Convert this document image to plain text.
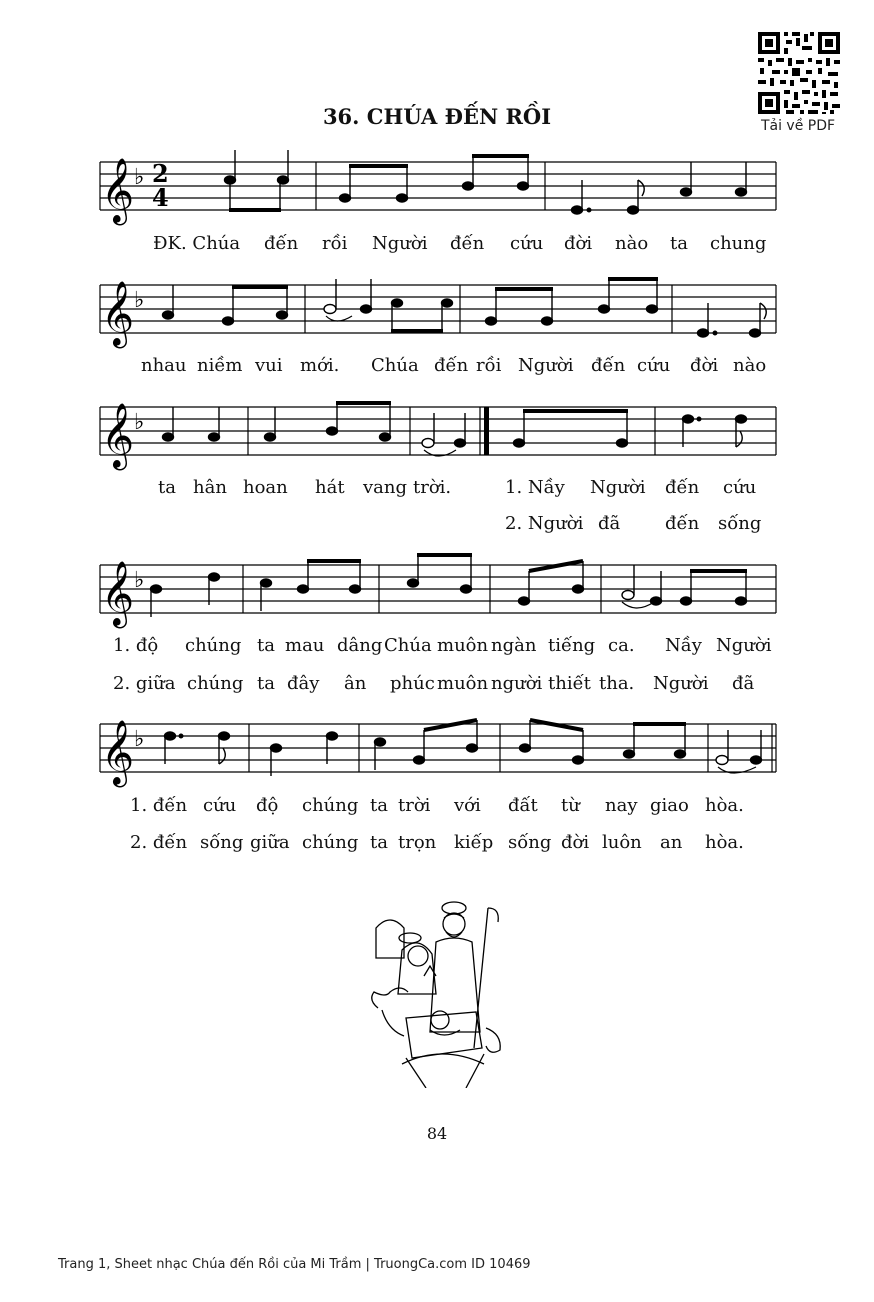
Tải về PDF
36. CHÚA ĐẾN RỒI
𝄞
𝄞
𝄞
𝄞
𝄞
♭
♭
♭
♭
♭
2
4
ĐK. Chúa đến rồi Người đến cứu đời nào ta chung
nhau niềm vui mới. Chúa đến rồi Người đến cứu đời nào
ta hân hoan hát vang trời.	1. Nầy Người đến cứu
2. Người đã đến sống
1. độ chúng ta mau dâng Chúa muôn ngàn tiếng ca. Nầy Người
2. giữa chúng ta đây ân phúc muôn người thiết tha. Người đã
1. đến cứu độ chúng ta trời với đất từ nay giao hòa.
2. đến sống giữa chúng ta trọn kiếp sống đời luôn an hòa.
84
Trang 1, Sheet nhạc Chúa đến Rồi của Mi Trầm | TruongCa.com ID 10469
